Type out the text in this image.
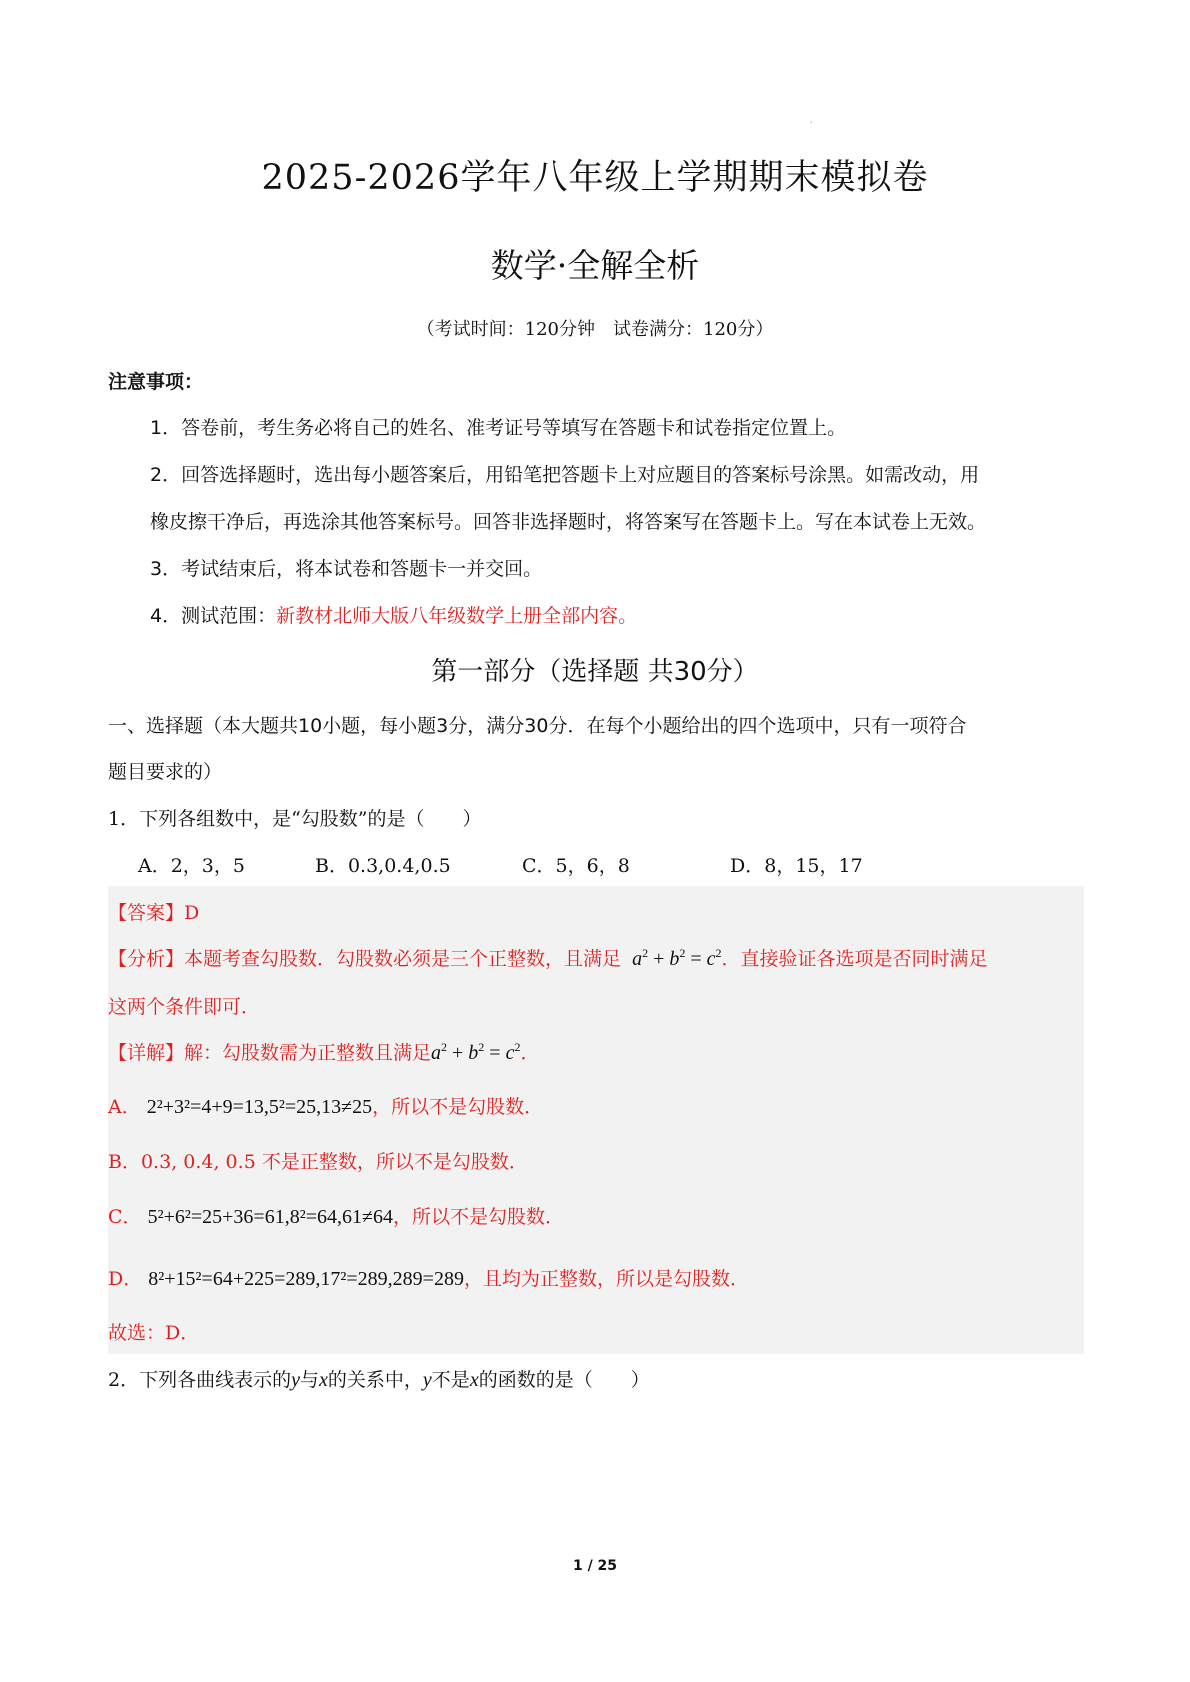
'
2025-2026学年八年级上学期期末模拟卷
数学·全解全析
（考试时间：120分钟　试卷满分：120分）
注意事项：
1．答卷前，考生务必将自己的姓名、准考证号等填写在答题卡和试卷指定位置上。
2．回答选择题时，选出每小题答案后，用铅笔把答题卡上对应题目的答案标号涂黑。如需改动，用
橡皮擦干净后，再选涂其他答案标号。回答非选择题时，将答案写在答题卡上。写在本试卷上无效。
3．考试结束后，将本试卷和答题卡一并交回。
4．测试范围：新教材北师大版八年级数学上册全部内容。
第一部分（选择题 共30分）
一、选择题（本大题共10小题，每小题3分，满分30分．在每个小题给出的四个选项中，只有一项符合
题目要求的）
1．下列各组数中，是“勾股数”的是（　　）
A．2，3，5	B．0.3,0.4,0.5	C．5，6，8	D．8，15，17
【答案】D
【分析】本题考查勾股数．勾股数必须是三个正整数，且满足 $a^2 + b^2 = c^2$．直接验证各选项是否同时满足
这两个条件即可．
【详解】解：勾股数需为正整数且满足$a^2 + b^2 = c^2$．
A． 2²+3²=4+9=13,5²=25,13≠25，所以不是勾股数．
B．0.3, 0.4, 0.5 不是正整数，所以不是勾股数．
C． 5²+6²=25+36=61,8²=64,61≠64，所以不是勾股数．
D． 8²+15²=64+225=289,17²=289,289=289，且均为正整数，所以是勾股数．
故选：D．
2．下列各曲线表示的y与x的关系中，y不是x的函数的是（　　）
1 / 25
